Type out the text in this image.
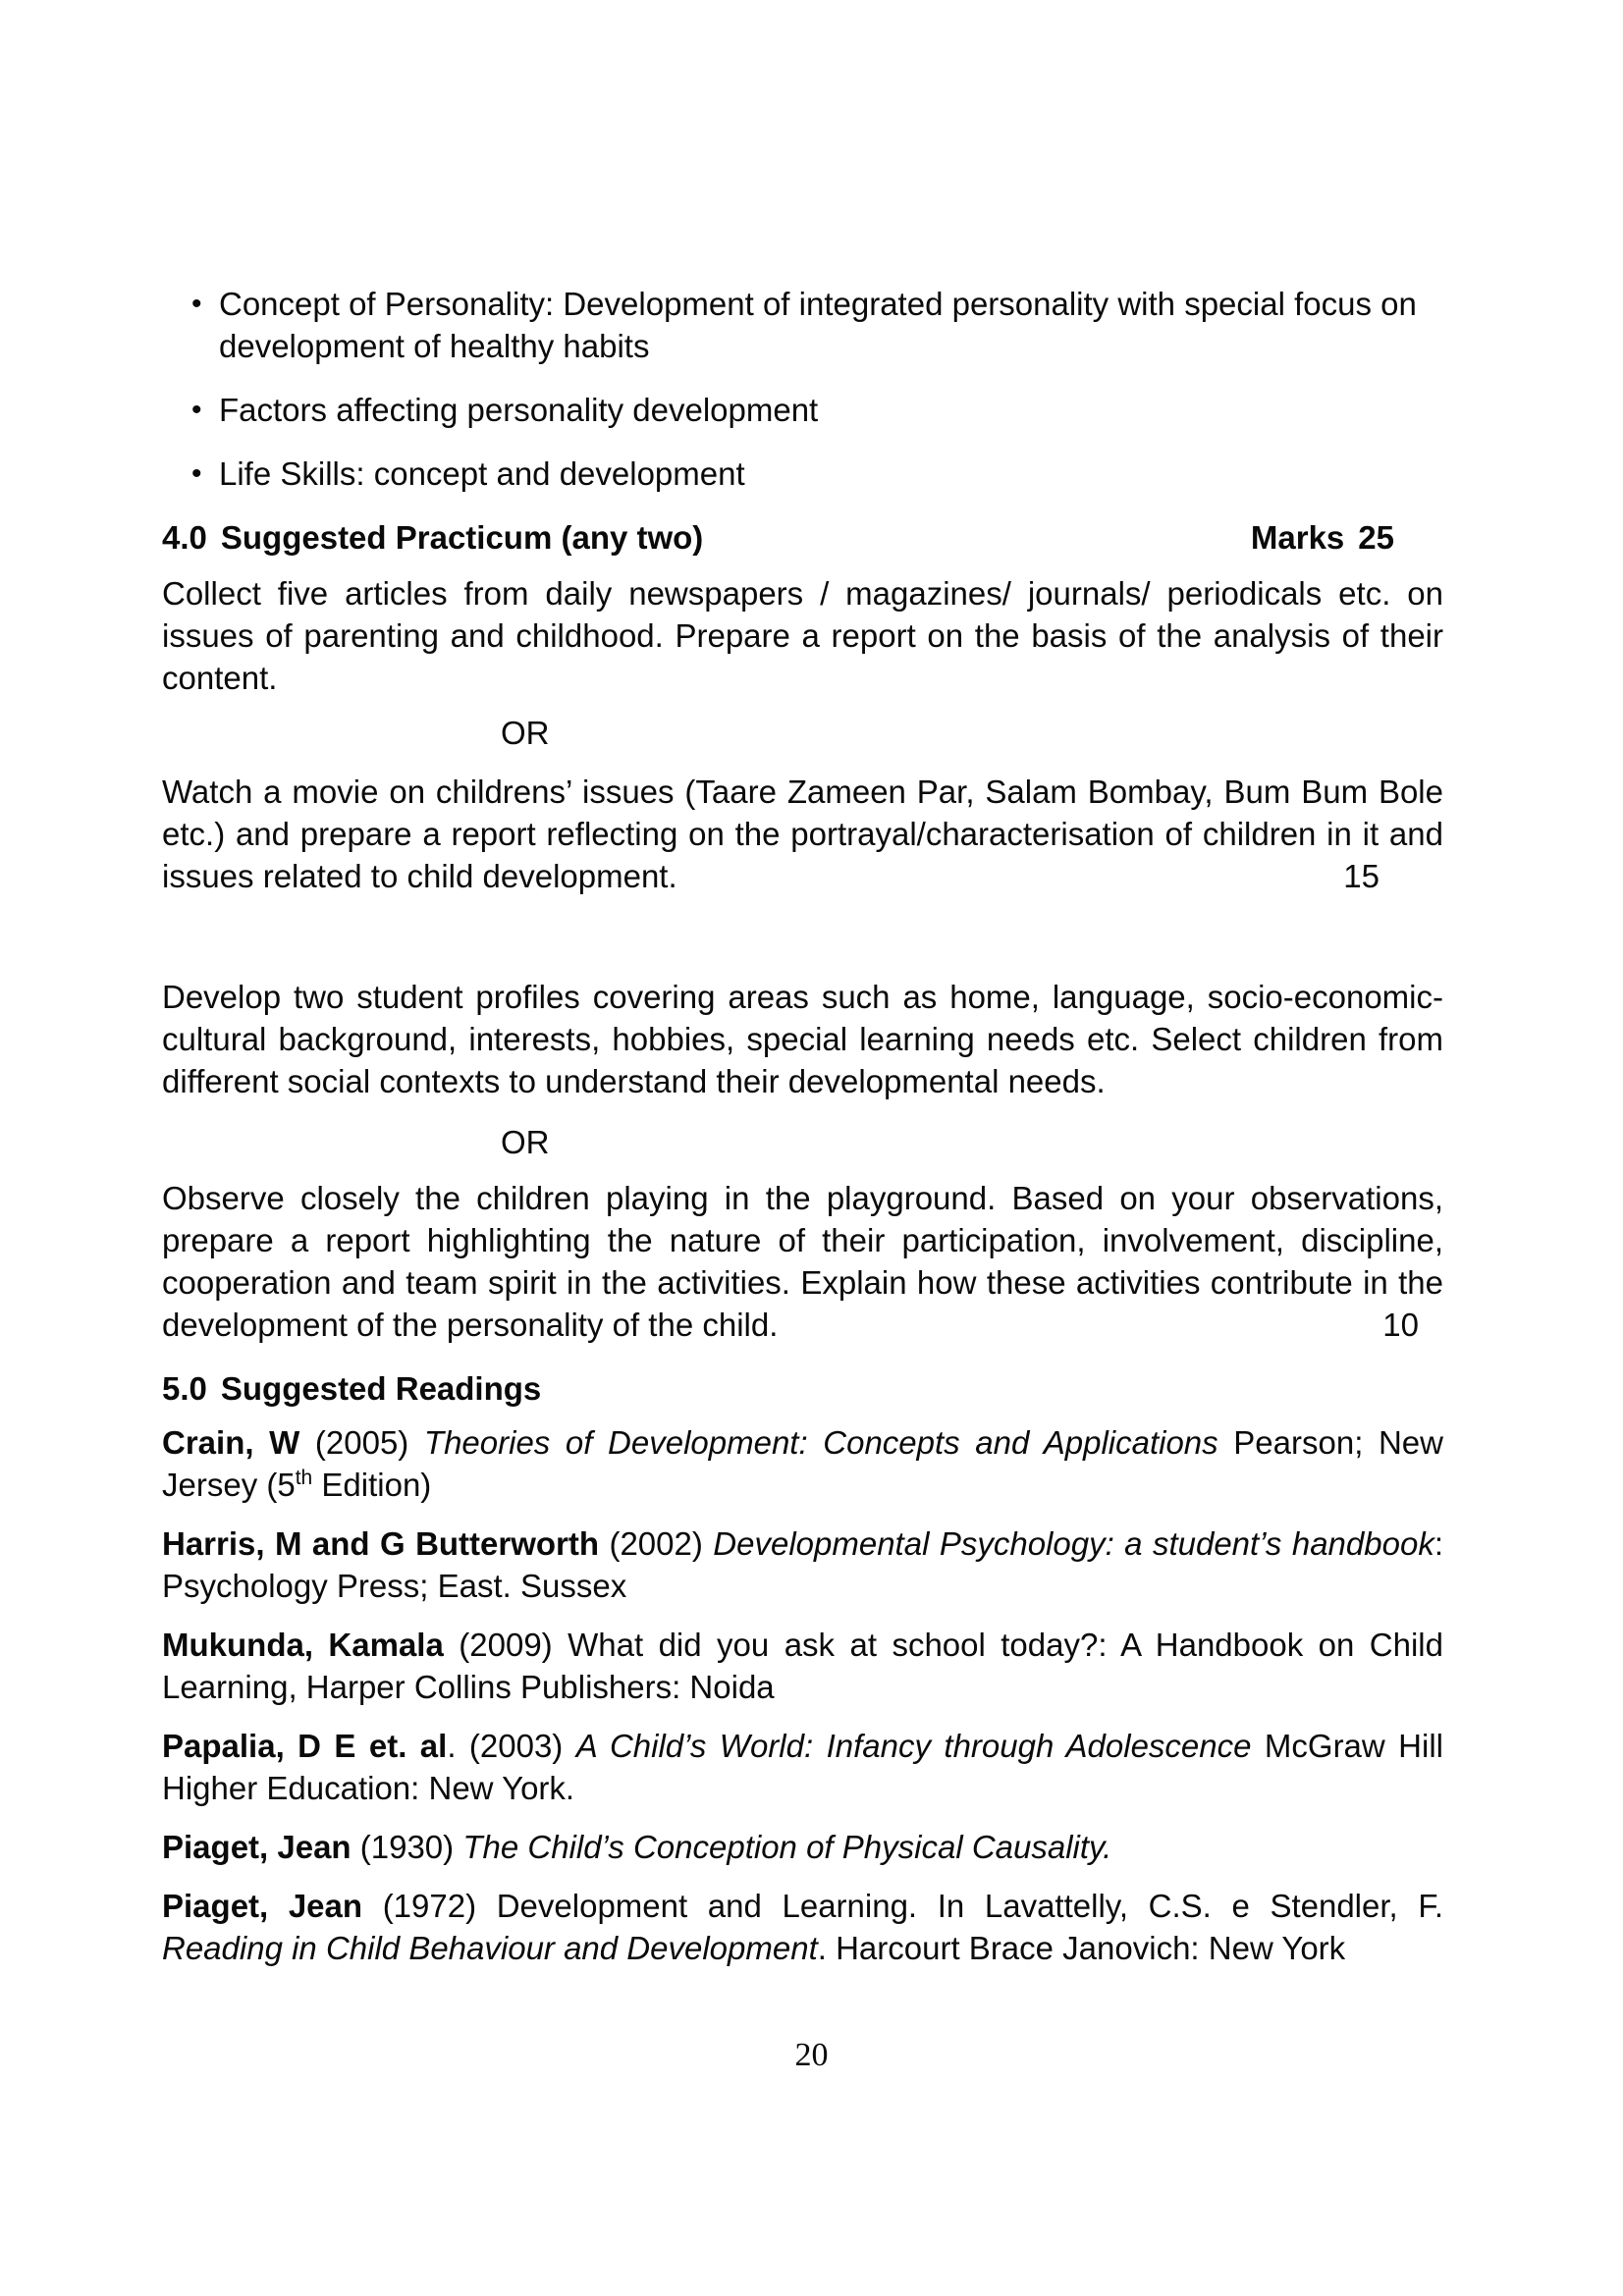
• Concept of Personality: Development of integrated personality with special focus on development of healthy habits
• Factors affecting personality development
• Life Skills: concept and development
4.0 Suggested Practicum (any two)	Marks 25

Collect five articles from daily newspapers / magazines/ journals/ periodicals etc. on issues of parenting and childhood. Prepare a report on the basis of the analysis of their content.

OR

Watch a movie on childrens’ issues (Taare Zameen Par, Salam Bombay, Bum Bum Bole etc.) and prepare a report reflecting on the portrayal/characterisation of children in it and issues related to child development.	15

Develop two student profiles covering areas such as home, language, socio-economic-cultural background, interests, hobbies, special learning needs etc. Select children from different social contexts to understand their developmental needs.

OR

Observe closely the children playing in the playground. Based on your observations, prepare a report highlighting the nature of their participation, involvement, discipline, cooperation and team spirit in the activities. Explain how these activities contribute in the development of the personality of the child.	10

5.0 Suggested Readings

Crain, W (2005) Theories of Development: Concepts and Applications Pearson; New Jersey (5th Edition)

Harris, M and G Butterworth (2002) Developmental Psychology: a student’s handbook: Psychology Press; East. Sussex

Mukunda, Kamala (2009) What did you ask at school today?: A Handbook on Child Learning, Harper Collins Publishers: Noida

Papalia, D E et. al. (2003) A Child’s World: Infancy through Adolescence McGraw Hill Higher Education: New York.

Piaget, Jean (1930) The Child’s Conception of Physical Causality.

Piaget, Jean (1972) Development and Learning. In Lavattelly, C.S. e Stendler, F. Reading in Child Behaviour and Development. Harcourt Brace Janovich: New York

20
